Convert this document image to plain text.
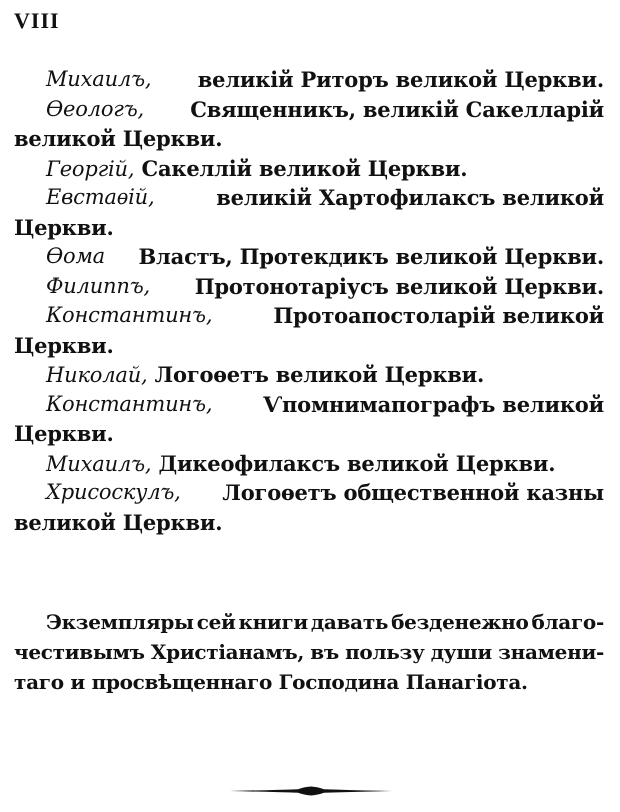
VIII
Михаилъ, великій Риторъ великой Церкви.
Ѳеологъ, Священникъ, великій Сакелларій
великой Церкви.
Георгій, Сакеллій великой Церкви.
Евстаѳій,	великій Хартофилаксъ великой
Церкви.
Ѳома Властъ, Протекдикъ великой Церкви.
Филиппъ, Протонотаріусъ великой Церкви.
Константинъ,	Протоапостоларій великой
Церкви.
Николай, Логоѳетъ великой Церкви.
Константинъ, Ѵпомнимапографъ великой
Церкви.
Михаилъ, Дикеофилаксъ великой Церкви.
Хрисоскулъ, Логоѳетъ общественной казны
великой Церкви.
Экземпляры сей книги давать безденежно благо-
честивымъ Христіанамъ, въ пользу души знамени-
таго и просвѣщеннаго Господина Панагіота.
